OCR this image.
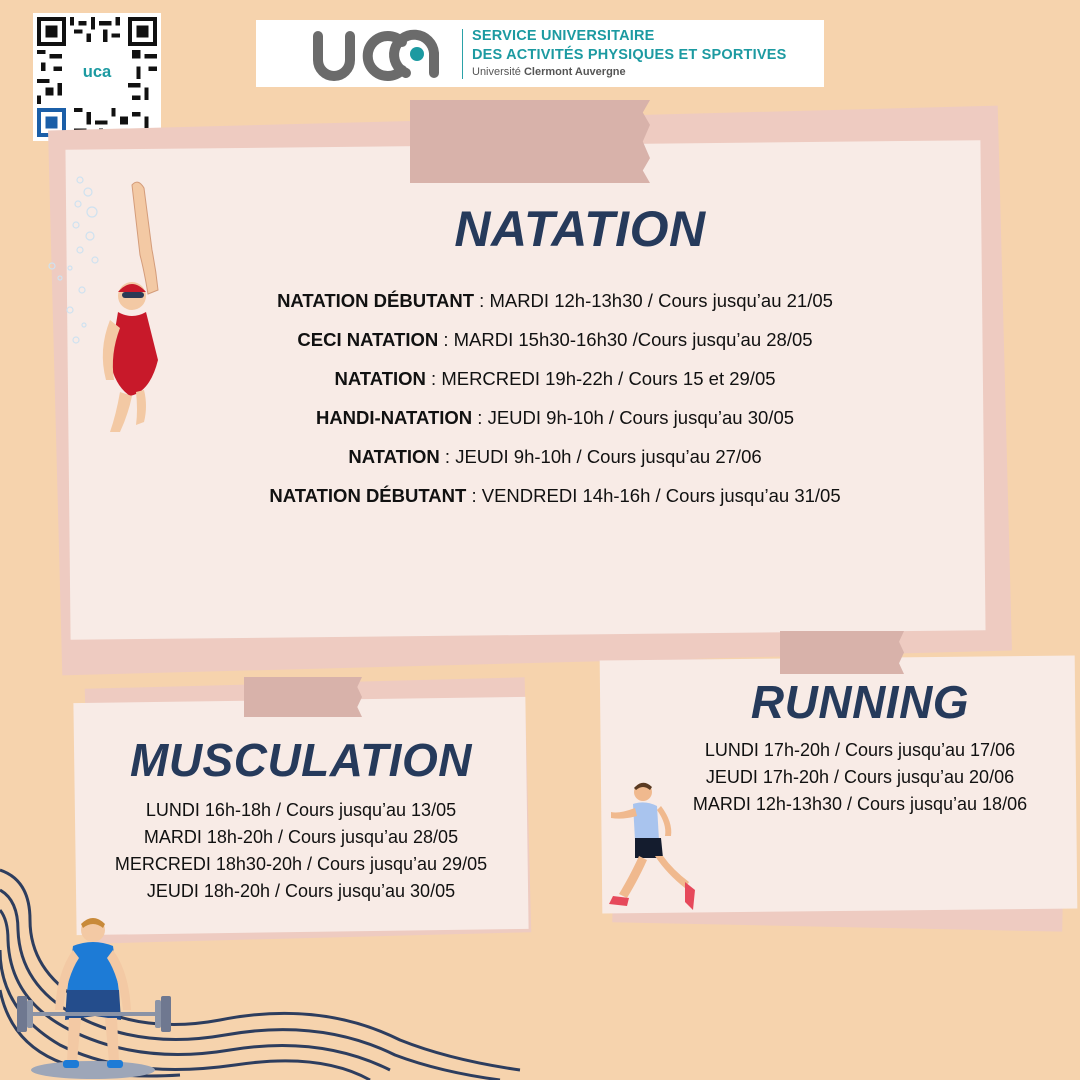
uca
SERVICE UNIVERSITAIRE
DES ACTIVITÉS PHYSIQUES ET SPORTIVES
Université Clermont Auvergne
NATATION
NATATION DÉBUTANT : MARDI 12h-13h30 / Cours jusqu’au 21/05
CECI NATATION : MARDI 15h30-16h30 /Cours jusqu’au 28/05
NATATION : MERCREDI 19h-22h / Cours 15 et 29/05
HANDI-NATATION : JEUDI 9h-10h / Cours jusqu’au 30/05
NATATION : JEUDI 9h-10h / Cours jusqu’au 27/06
NATATION DÉBUTANT : VENDREDI 14h-16h / Cours jusqu’au 31/05
MUSCULATION
LUNDI 16h-18h / Cours jusqu’au 13/05
MARDI 18h-20h / Cours jusqu’au 28/05
MERCREDI 18h30-20h / Cours jusqu’au 29/05
JEUDI 18h-20h / Cours jusqu’au 30/05
RUNNING
LUNDI 17h-20h / Cours jusqu’au 17/06
JEUDI 17h-20h / Cours jusqu’au 20/06
MARDI 12h-13h30 / Cours jusqu’au 18/06
